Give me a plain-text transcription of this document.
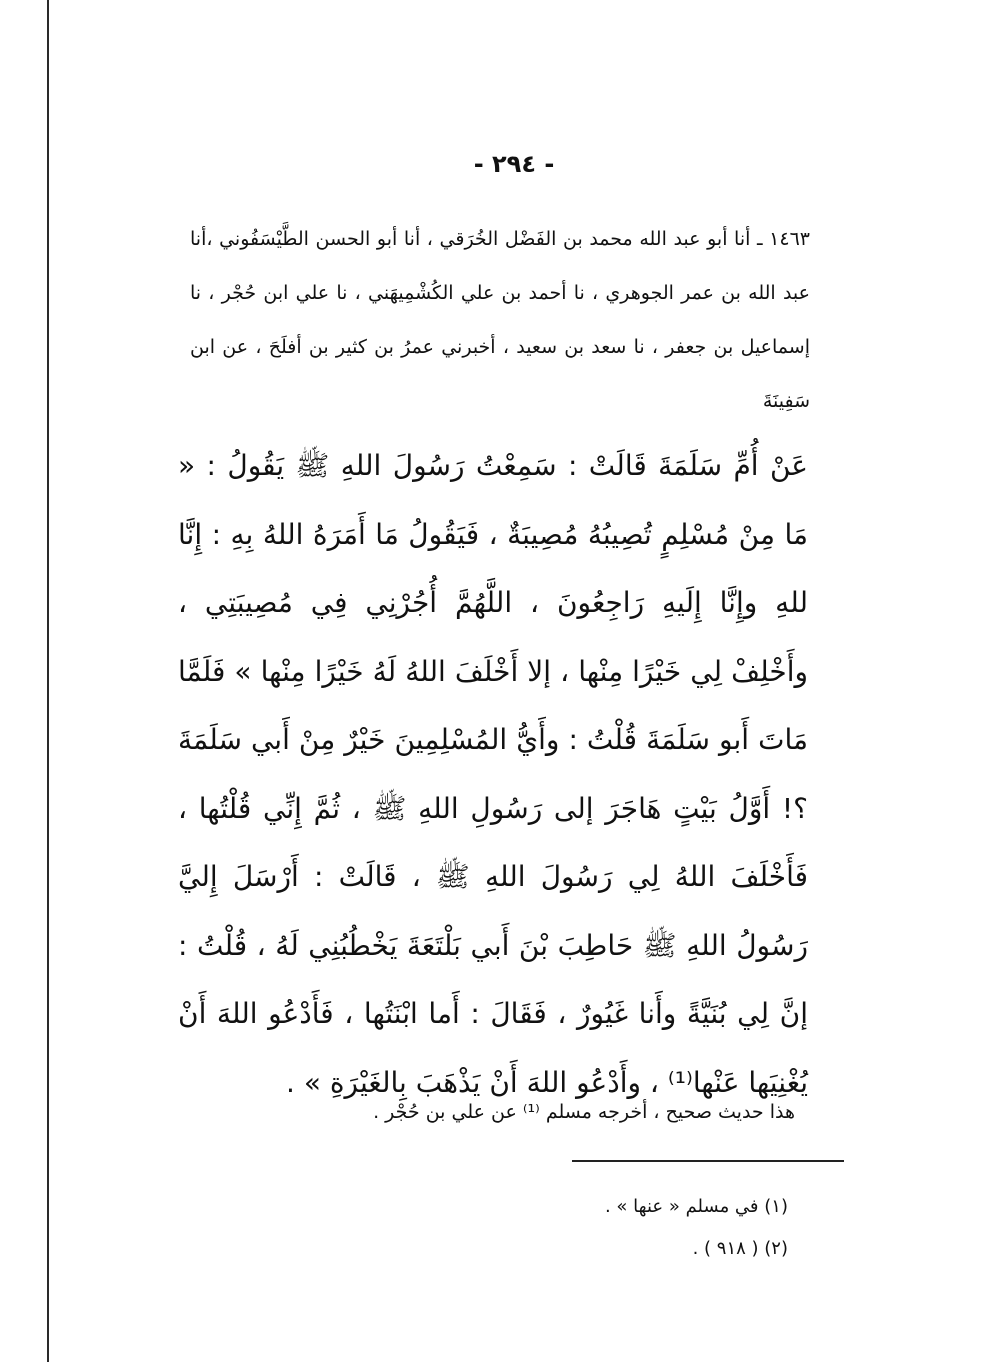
- ٢٩٤ -
١٤٦٣ ـ أنا أبو عبد الله محمد بن الفَضْل الخُرَقي ، أنا أبو الحسن الطَّيْسَفُوني ،أنا عبد الله بن عمر الجوهري ، نا أحمد بن علي الكُشْمِيهَني ، نا علي ابن حُجْر ، نا إسماعيل بن جعفر ، نا سعد بن سعيد ، أخبرني عمرُ بن كثير بن أفلَحَ ، عن ابن سَفِينَةَ
عَنْ أُمِّ سَلَمَةَ قَالَتْ : سَمِعْتُ رَسُولَ اللهِ ﷺ يَقُولُ : « مَا مِنْ مُسْلِمٍ تُصِيبُهُ مُصِيبَةٌ ، فَيَقُولُ مَا أَمَرَهُ اللهُ بِهِ : إِنَّا للهِ وإِنَّا إِلَيهِ رَاجِعُونَ ، اللَّهُمَّ أُجُرْنِي فِي مُصِيبَتِي ، وأَخْلِفْ لِي خَيْرًا مِنْها ، إلا أَخْلَفَ اللهُ لَهُ خَيْرًا مِنْها » فَلَمَّا مَاتَ أَبو سَلَمَةَ قُلْتُ : وأَيُّ المُسْلِمِينَ خَيْرٌ مِنْ أَبي سَلَمَةَ ؟! أَوَّلُ بَيْتٍ هَاجَرَ إلى رَسُولِ اللهِ ﷺ ، ثُمَّ إِنِّي قُلْتُها ، فَأَخْلَفَ اللهُ لِي رَسُولَ اللهِ ﷺ ، قَالَتْ : أَرْسَلَ إِليَّ رَسُولُ اللهِ ﷺ حَاطِبَ بْنَ أَبي بَلْتَعَةَ يَخْطُبُنِي لَهُ ، قُلْتُ : إنَّ لِي بُنَيَّةً وأَنا غَيُورٌ ، فَقَالَ : أَما ابْنَتُها ، فَأَدْعُو اللهَ أَنْ يُغْنِيَها عَنْها⁽¹⁾ ، وأَدْعُو اللهَ أَنْ يَذْهَبَ بِالغَيْرَةِ » .
هذا حديث صحيح ، أخرجه مسلم ⁽¹⁾ عن علي بن حُجْر .
(١) في مسلم « عنها » .
(٢) ( ٩١٨ ) .
